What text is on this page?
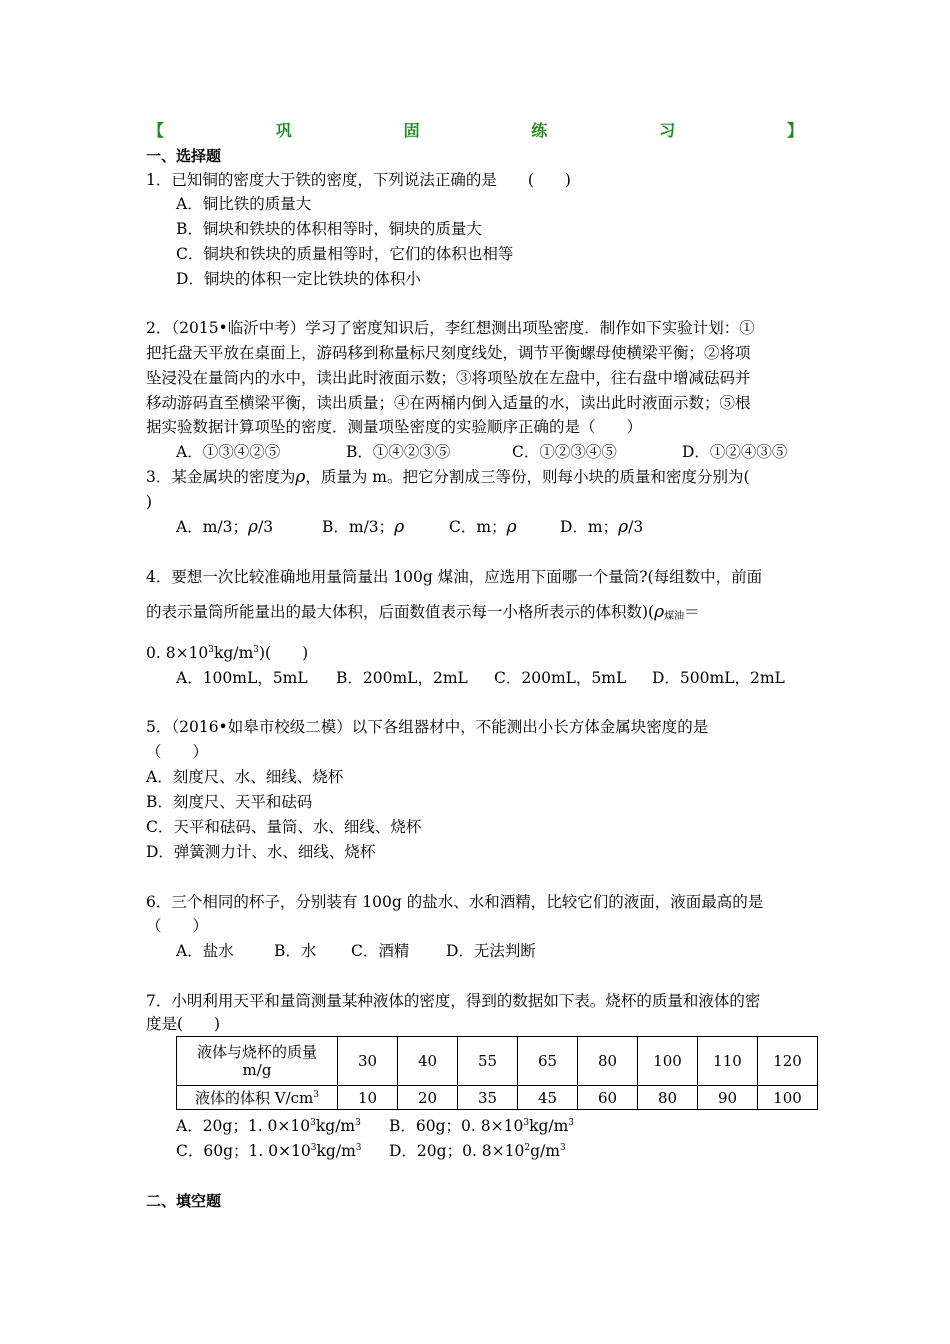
【	巩	固	练	习	】
一、选择题
1．已知铜的密度大于铁的密度，下列说法正确的是　　(　　)
A．铜比铁的质量大
B．铜块和铁块的体积相等时，铜块的质量大
C．铜块和铁块的质量相等时，它们的体积也相等
D．铜块的体积一定比铁块的体积小
2．（2015•临沂中考）学习了密度知识后，李红想测出项坠密度．制作如下实验计划：①
把托盘天平放在桌面上，游码移到称量标尺刻度线处，调节平衡螺母使横梁平衡；②将项
坠浸没在量筒内的水中，读出此时液面示数；③将项坠放在左盘中，往右盘中增减砝码并
移动游码直至横梁平衡，读出质量；④在两桶内倒入适量的水，读出此时液面示数；⑤根
据实验数据计算项坠的密度．测量项坠密度的实验顺序正确的是（　　）
A．①③④②⑤	B．①④②③⑤	C．①②③④⑤	D．①②④③⑤
3．某金属块的密度为ρ，质量为 m。把它分割成三等份，则每小块的质量和密度分别为(
)
A．m/3；ρ/3	B．m/3；ρ	C．m；ρ	D．m；ρ/3
4．要想一次比较准确地用量筒量出 100g 煤油，应选用下面哪一个量筒?(每组数中，前面
的表示量筒所能量出的最大体积，后面数值表示每一小格所表示的体积数)($\rho_{煤油}=$
0. $8\times 10^3kg/m^3$)(　　)
A．100mL，5mL B．200mL，2mL C．200mL，5mL D．500mL，2mL
5．（2016•如皋市校级二模）以下各组器材中，不能测出小长方体金属块密度的是
（　　）
A．刻度尺、水、细线、烧杯
B．刻度尺、天平和砝码
C．天平和砝码、量筒、水、细线、烧杯
D．弹簧测力计、水、细线、烧杯
6．三个相同的杯子，分别装有 100g 的盐水、水和酒精，比较它们的液面，液面最高的是
（　　）
A．盐水	B．水 C．酒精 D．无法判断
7．小明利用天平和量筒测量某种液体的密度，得到的数据如下表。烧杯的质量和液体的密
度是(　　)
液体与烧杯的质量
m/g	30	40	55	65	80	100	110	120
液体的体积 $V/cm^3$	10	20	35	45	60	80	90	100
A．20g；1. $0\times 10^3kg/m^3$ B．60g；0. $8\times 10^3kg/m^3$
C．60g；1. $0\times 10^3kg/m^3$ D．20g；0. $8\times 10^2g/m^3$
二、填空题
